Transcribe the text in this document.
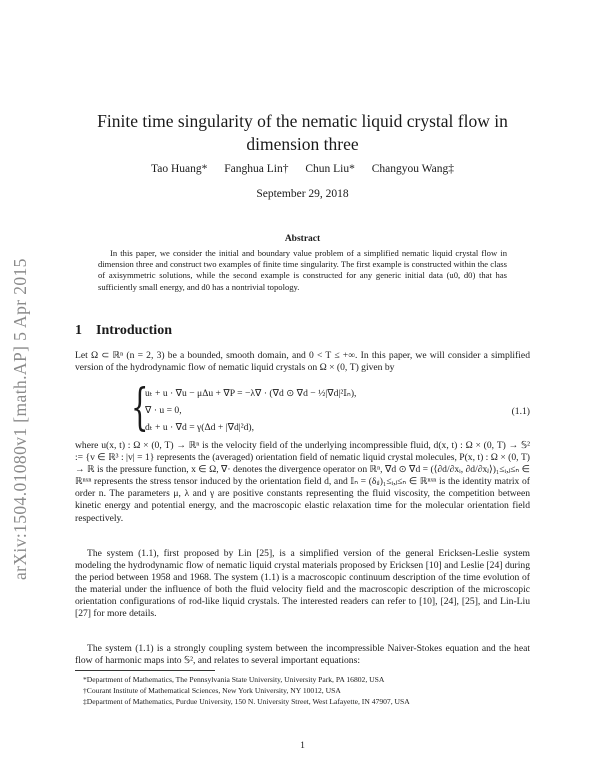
arXiv:1504.01080v1 [math.AP] 5 Apr 2015
Finite time singularity of the nematic liquid crystal flow in
dimension three
Tao Huang* Fanghua Lin† Chun Liu* Changyou Wang‡
September 29, 2018
Abstract
In this paper, we consider the initial and boundary value problem of a simplified nematic liquid crystal flow in dimension three and construct two examples of finite time singularity. The first example is constructed within the class of axisymmetric solutions, while the second example is constructed for any generic initial data (u0, d0) that has sufficiently small energy, and d0 has a nontrivial topology.
1 Introduction
Let Ω ⊂ ℝⁿ (n = 2, 3) be a bounded, smooth domain, and 0 < T ≤ +∞. In this paper, we will consider a simplified version of the hydrodynamic flow of nematic liquid crystals on Ω × (0, T) given by
{
uₜ + u · ∇u − μΔu + ∇P = −λ∇ · (∇d ⊙ ∇d − ½|∇d|²𝕀ₙ),
∇ · u = 0,
dₜ + u · ∇d = γ(Δd + |∇d|²d),
(1.1)
where u(x, t) : Ω × (0, T) → ℝⁿ is the velocity field of the underlying incompressible fluid, d(x, t) : Ω × (0, T) → 𝕊² := {v ∈ ℝ³ : |v| = 1} represents the (averaged) orientation field of nematic liquid crystal molecules, P(x, t) : Ω × (0, T) → ℝ is the pressure function, x ∈ Ω, ∇· denotes the divergence operator on ℝⁿ, ∇d ⊙ ∇d = (⟨∂d/∂xᵢ, ∂d/∂xⱼ⟩)₁≤ᵢ,ⱼ≤ₙ ∈ ℝⁿˣⁿ represents the stress tensor induced by the orientation field d, and 𝕀ₙ = (δᵢⱼ)₁≤ᵢ,ⱼ≤ₙ ∈ ℝⁿˣⁿ is the identity matrix of order n. The parameters μ, λ and γ are positive constants representing the fluid viscosity, the competition between kinetic energy and potential energy, and the macroscopic elastic relaxation time for the molecular orientation field respectively.
The system (1.1), first proposed by Lin [25], is a simplified version of the general Ericksen-Leslie system modeling the hydrodynamic flow of nematic liquid crystal materials proposed by Ericksen [10] and Leslie [24] during the period between 1958 and 1968. The system (1.1) is a macroscopic continuum description of the time evolution of the material under the influence of both the fluid velocity field and the macroscopic description of the microscopic orientation configurations of rod-like liquid crystals. The interested readers can refer to [10], [24], [25], and Lin-Liu [27] for more details.
The system (1.1) is a strongly coupling system between the incompressible Naiver-Stokes equation and the heat flow of harmonic maps into 𝕊², and relates to several important equations:
*Department of Mathematics, The Pennsylvania State University, University Park, PA 16802, USA
†Courant Institute of Mathematical Sciences, New York University, NY 10012, USA
‡Department of Mathematics, Purdue University, 150 N. University Street, West Lafayette, IN 47907, USA
1
